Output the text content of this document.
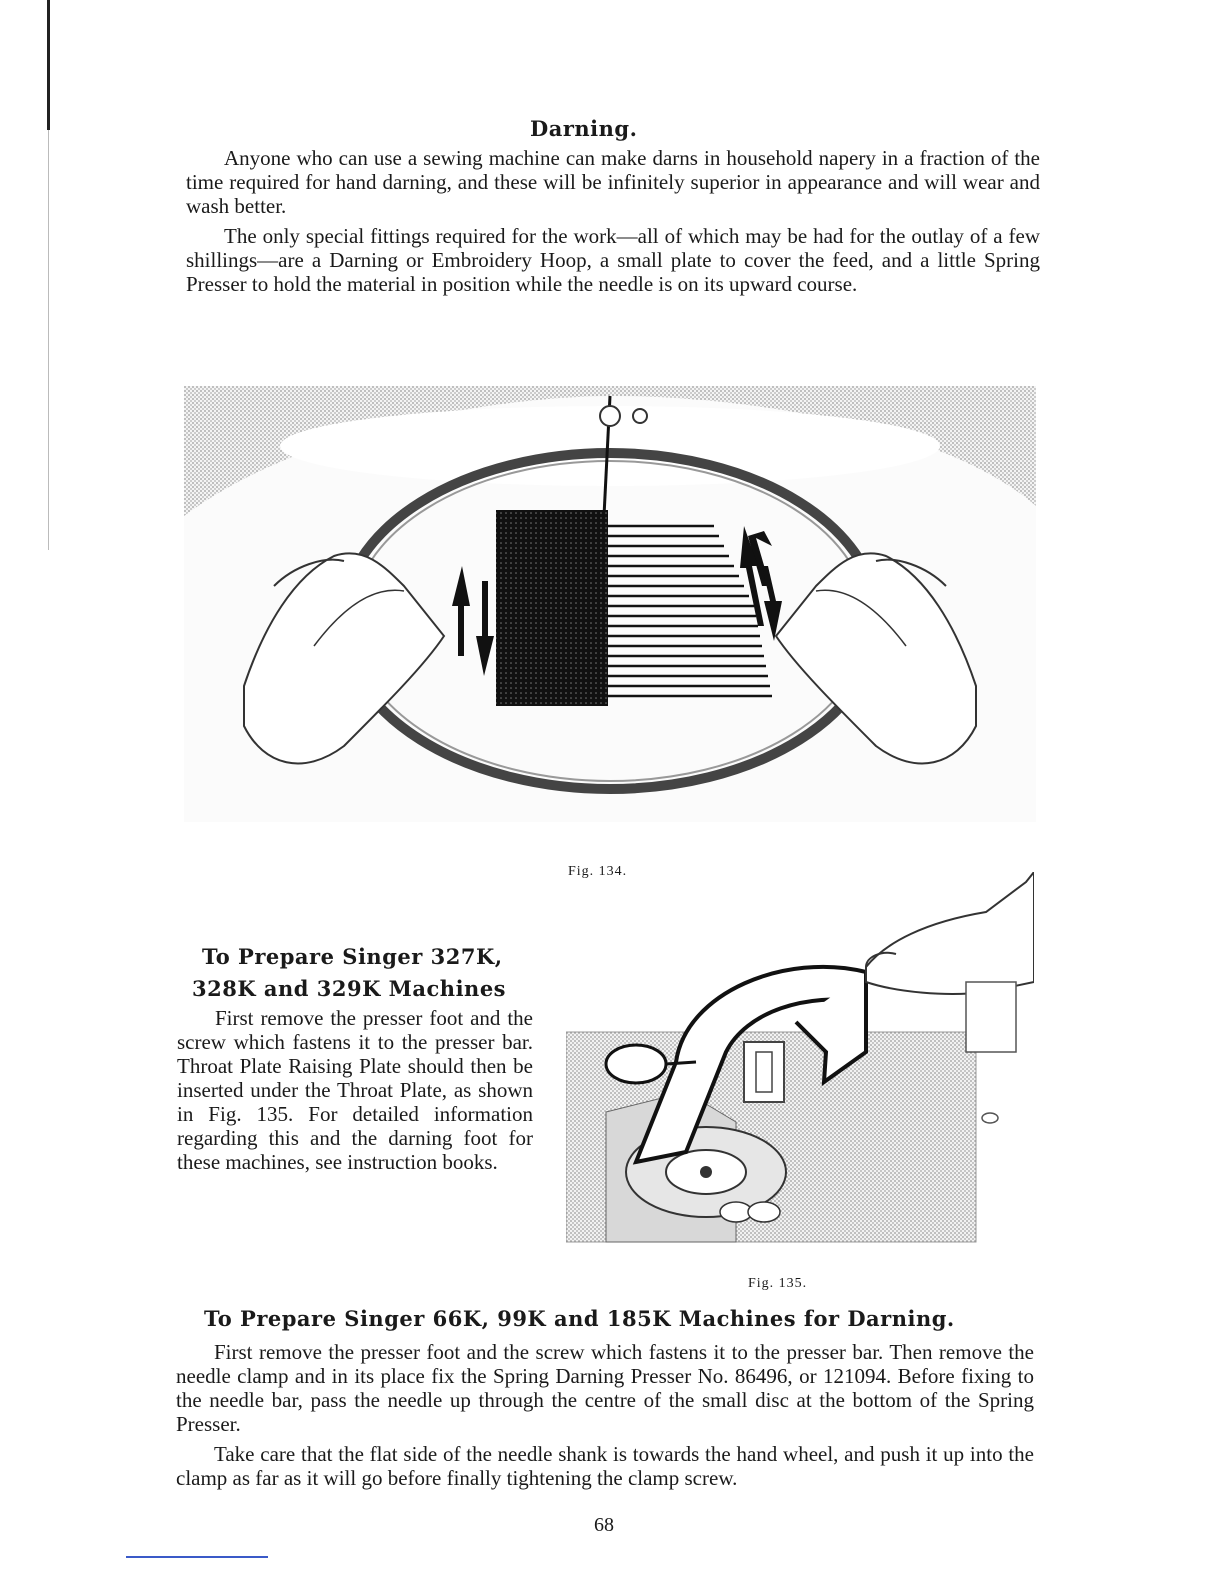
Darning.

Anyone who can use a sewing machine can make darns in household napery in a fraction of the time required for hand darning, and these will be infinitely superior in appearance and will wear and wash better.

The only special fittings required for the work—all of which may be had for the outlay of a few shillings—are a Darning or Embroidery Hoop, a small plate to cover the feed, and a little Spring Presser to hold the material in position while the needle is on its upward course.

Fig. 134.
To Prepare Singer 327K,
328K and 329K Machines

First remove the presser foot and the screw which fastens it to the presser bar. Throat Plate Raising Plate should then be inserted under the Throat Plate, as shown in Fig. 135. For detailed information regarding this and the darning foot for these machines, see instruction books.

Fig. 135.
To Prepare Singer 66K, 99K and 185K Machines for Darning.

First remove the presser foot and the screw which fastens it to the presser bar. Then remove the needle clamp and in its place fix the Spring Darning Presser No. 86496, or 121094. Before fixing to the needle bar, pass the needle up through the centre of the small disc at the bottom of the Spring Presser.

Take care that the flat side of the needle shank is towards the hand wheel, and push it up into the clamp as far as it will go before finally tightening the clamp screw.

68
